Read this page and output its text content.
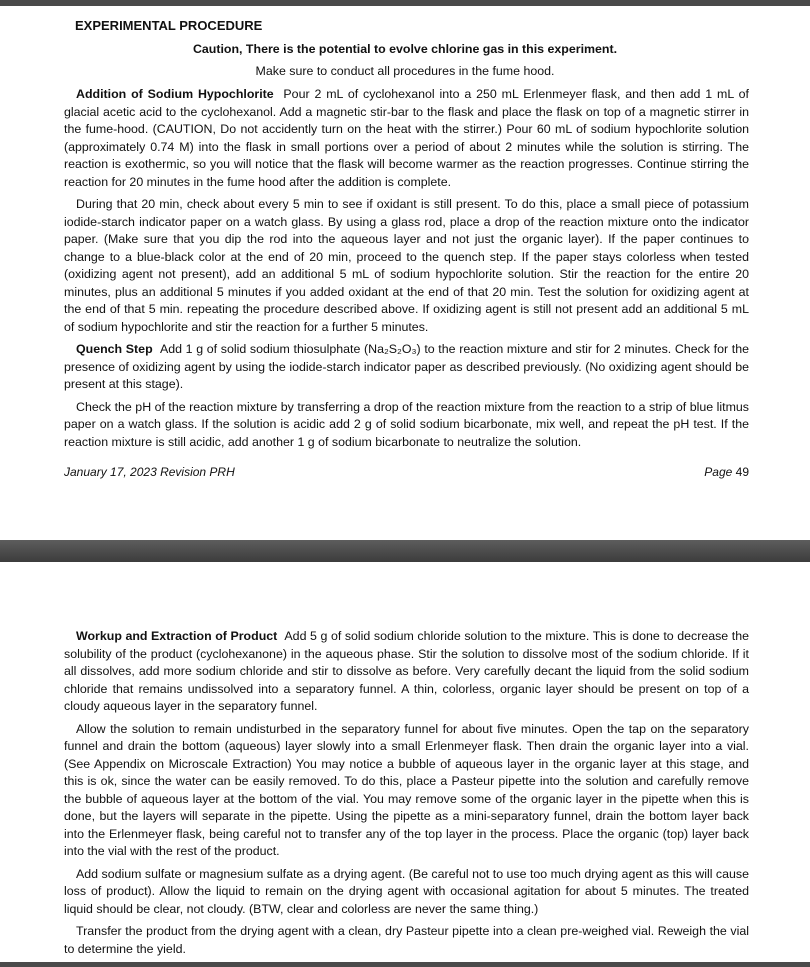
EXPERIMENTAL PROCEDURE

Caution, There is the potential to evolve chlorine gas in this experiment.

Make sure to conduct all procedures in the fume hood.

Addition of Sodium Hypochlorite Pour 2 mL of cyclohexanol into a 250 mL Erlenmeyer flask, and then add 1 mL of glacial acetic acid to the cyclohexanol. Add a magnetic stir-bar to the flask and place the flask on top of a magnetic stirrer in the fume-hood. (CAUTION, Do not accidently turn on the heat with the stirrer.) Pour 60 mL of sodium hypochlorite solution (approximately 0.74 M) into the flask in small portions over a period of about 2 minutes while the solution is stirring. The reaction is exothermic, so you will notice that the flask will become warmer as the reaction progresses. Continue stirring the reaction for 20 minutes in the fume hood after the addition is complete.

During that 20 min, check about every 5 min to see if oxidant is still present. To do this, place a small piece of potassium iodide-starch indicator paper on a watch glass. By using a glass rod, place a drop of the reaction mixture onto the indicator paper. (Make sure that you dip the rod into the aqueous layer and not just the organic layer). If the paper continues to change to a blue-black color at the end of 20 min, proceed to the quench step. If the paper stays colorless when tested (oxidizing agent not present), add an additional 5 mL of sodium hypochlorite solution. Stir the reaction for the entire 20 minutes, plus an additional 5 minutes if you added oxidant at the end of that 20 min. Test the solution for oxidizing agent at the end of that 5 min. repeating the procedure described above. If oxidizing agent is still not present add an additional 5 mL of sodium hypochlorite and stir the reaction for a further 5 minutes.

Quench Step Add 1 g of solid sodium thiosulphate (Na₂S₂O₃) to the reaction mixture and stir for 2 minutes. Check for the presence of oxidizing agent by using the iodide-starch indicator paper as described previously. (No oxidizing agent should be present at this stage).

Check the pH of the reaction mixture by transferring a drop of the reaction mixture from the reaction to a strip of blue litmus paper on a watch glass. If the solution is acidic add 2 g of solid sodium bicarbonate, mix well, and repeat the pH test. If the reaction mixture is still acidic, add another 1 g of sodium bicarbonate to neutralize the solution.

January 17, 2023 Revision PRH	Page 49

Workup and Extraction of Product Add 5 g of solid sodium chloride solution to the mixture. This is done to decrease the solubility of the product (cyclohexanone) in the aqueous phase. Stir the solution to dissolve most of the sodium chloride. If it all dissolves, add more sodium chloride and stir to dissolve as before. Very carefully decant the liquid from the solid sodium chloride that remains undissolved into a separatory funnel. A thin, colorless, organic layer should be present on top of a cloudy aqueous layer in the separatory funnel.

Allow the solution to remain undisturbed in the separatory funnel for about five minutes. Open the tap on the separatory funnel and drain the bottom (aqueous) layer slowly into a small Erlenmeyer flask. Then drain the organic layer into a vial. (See Appendix on Microscale Extraction) You may notice a bubble of aqueous layer in the organic layer at this stage, and this is ok, since the water can be easily removed. To do this, place a Pasteur pipette into the solution and carefully remove the bubble of aqueous layer at the bottom of the vial. You may remove some of the organic layer in the pipette when this is done, but the layers will separate in the pipette. Using the pipette as a mini-separatory funnel, drain the bottom layer back into the Erlenmeyer flask, being careful not to transfer any of the top layer in the process. Place the organic (top) layer back into the vial with the rest of the product.

Add sodium sulfate or magnesium sulfate as a drying agent. (Be careful not to use too much drying agent as this will cause loss of product). Allow the liquid to remain on the drying agent with occasional agitation for about 5 minutes. The treated liquid should be clear, not cloudy. (BTW, clear and colorless are never the same thing.)

Transfer the product from the drying agent with a clean, dry Pasteur pipette into a clean pre-weighed vial. Reweigh the vial to determine the yield.
